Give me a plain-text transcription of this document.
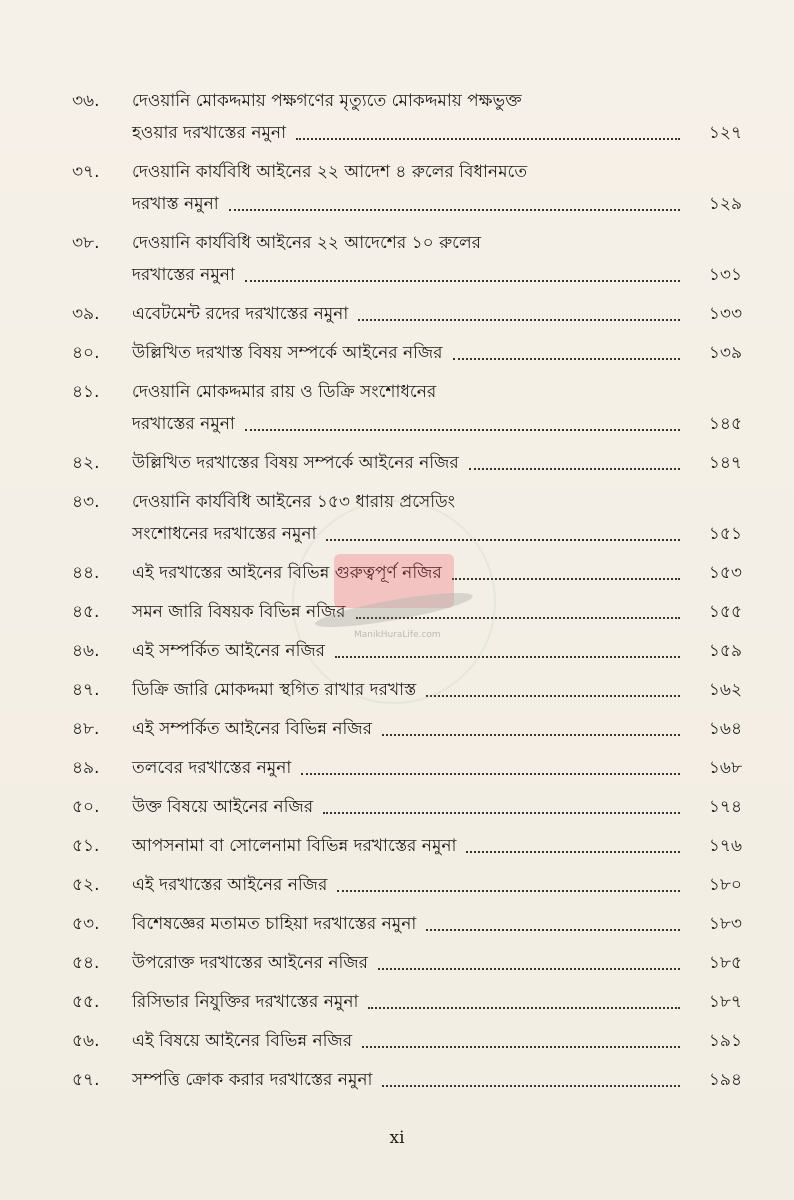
৩৬.	দেওয়ানি মোকদ্দমায় পক্ষগণের মৃত্যুতে মোকদ্দমায় পক্ষভুক্ত
হওয়ার দরখাস্তের নমুনা	১২৭
৩৭.	দেওয়ানি কার্যবিধি আইনের ২২ আদেশ ৪ রুলের বিধানমতে
দরখাস্ত নমুনা	১২৯
৩৮.	দেওয়ানি কার্যবিধি আইনের ২২ আদেশের ১০ রুলের
দরখাস্তের নমুনা	১৩১
৩৯.	এবেটমেন্ট রদের দরখাস্তের নমুনা	১৩৩
৪০.	উল্লিখিত দরখাস্ত বিষয় সম্পর্কে আইনের নজির	১৩৯
৪১.	দেওয়ানি মোকদ্দমার রায় ও ডিক্রি সংশোধনের
দরখাস্তের নমুনা	১৪৫
৪২.	উল্লিখিত দরখাস্তের বিষয় সম্পর্কে আইনের নজির	১৪৭
৪৩.	দেওয়ানি কার্যবিধি আইনের ১৫৩ ধারায় প্রসেডিং
সংশোধনের দরখাস্তের নমুনা	১৫১
৪৪.	এই দরখাস্তের আইনের বিভিন্ন গুরুত্বপূর্ণ নজির	১৫৩
৪৫.	সমন জারি বিষয়ক বিভিন্ন নজির	১৫৫
৪৬.	এই সম্পর্কিত আইনের নজির	১৫৯
৪৭.	ডিক্রি জারি মোকদ্দমা স্থগিত রাখার দরখাস্ত	১৬২
৪৮.	এই সম্পর্কিত আইনের বিভিন্ন নজির	১৬৪
৪৯.	তলবের দরখাস্তের নমুনা	১৬৮
৫০.	উক্ত বিষয়ে আইনের নজির	১৭৪
৫১.	আপসনামা বা সোলেনামা বিভিন্ন দরখাস্তের নমুনা	১৭৬
৫২.	এই দরখাস্তের আইনের নজির	১৮০
৫৩.	বিশেষজ্ঞের মতামত চাহিয়া দরখাস্তের নমুনা	১৮৩
৫৪.	উপরোক্ত দরখাস্তের আইনের নজির	১৮৫
৫৫.	রিসিভার নিযুক্তির দরখাস্তের নমুনা	১৮৭
৫৬.	এই বিষয়ে আইনের বিভিন্ন নজির	১৯১
৫৭.	সম্পত্তি ক্রোক করার দরখাস্তের নমুনা	১৯৪
ManikHuraLife.com
xi
